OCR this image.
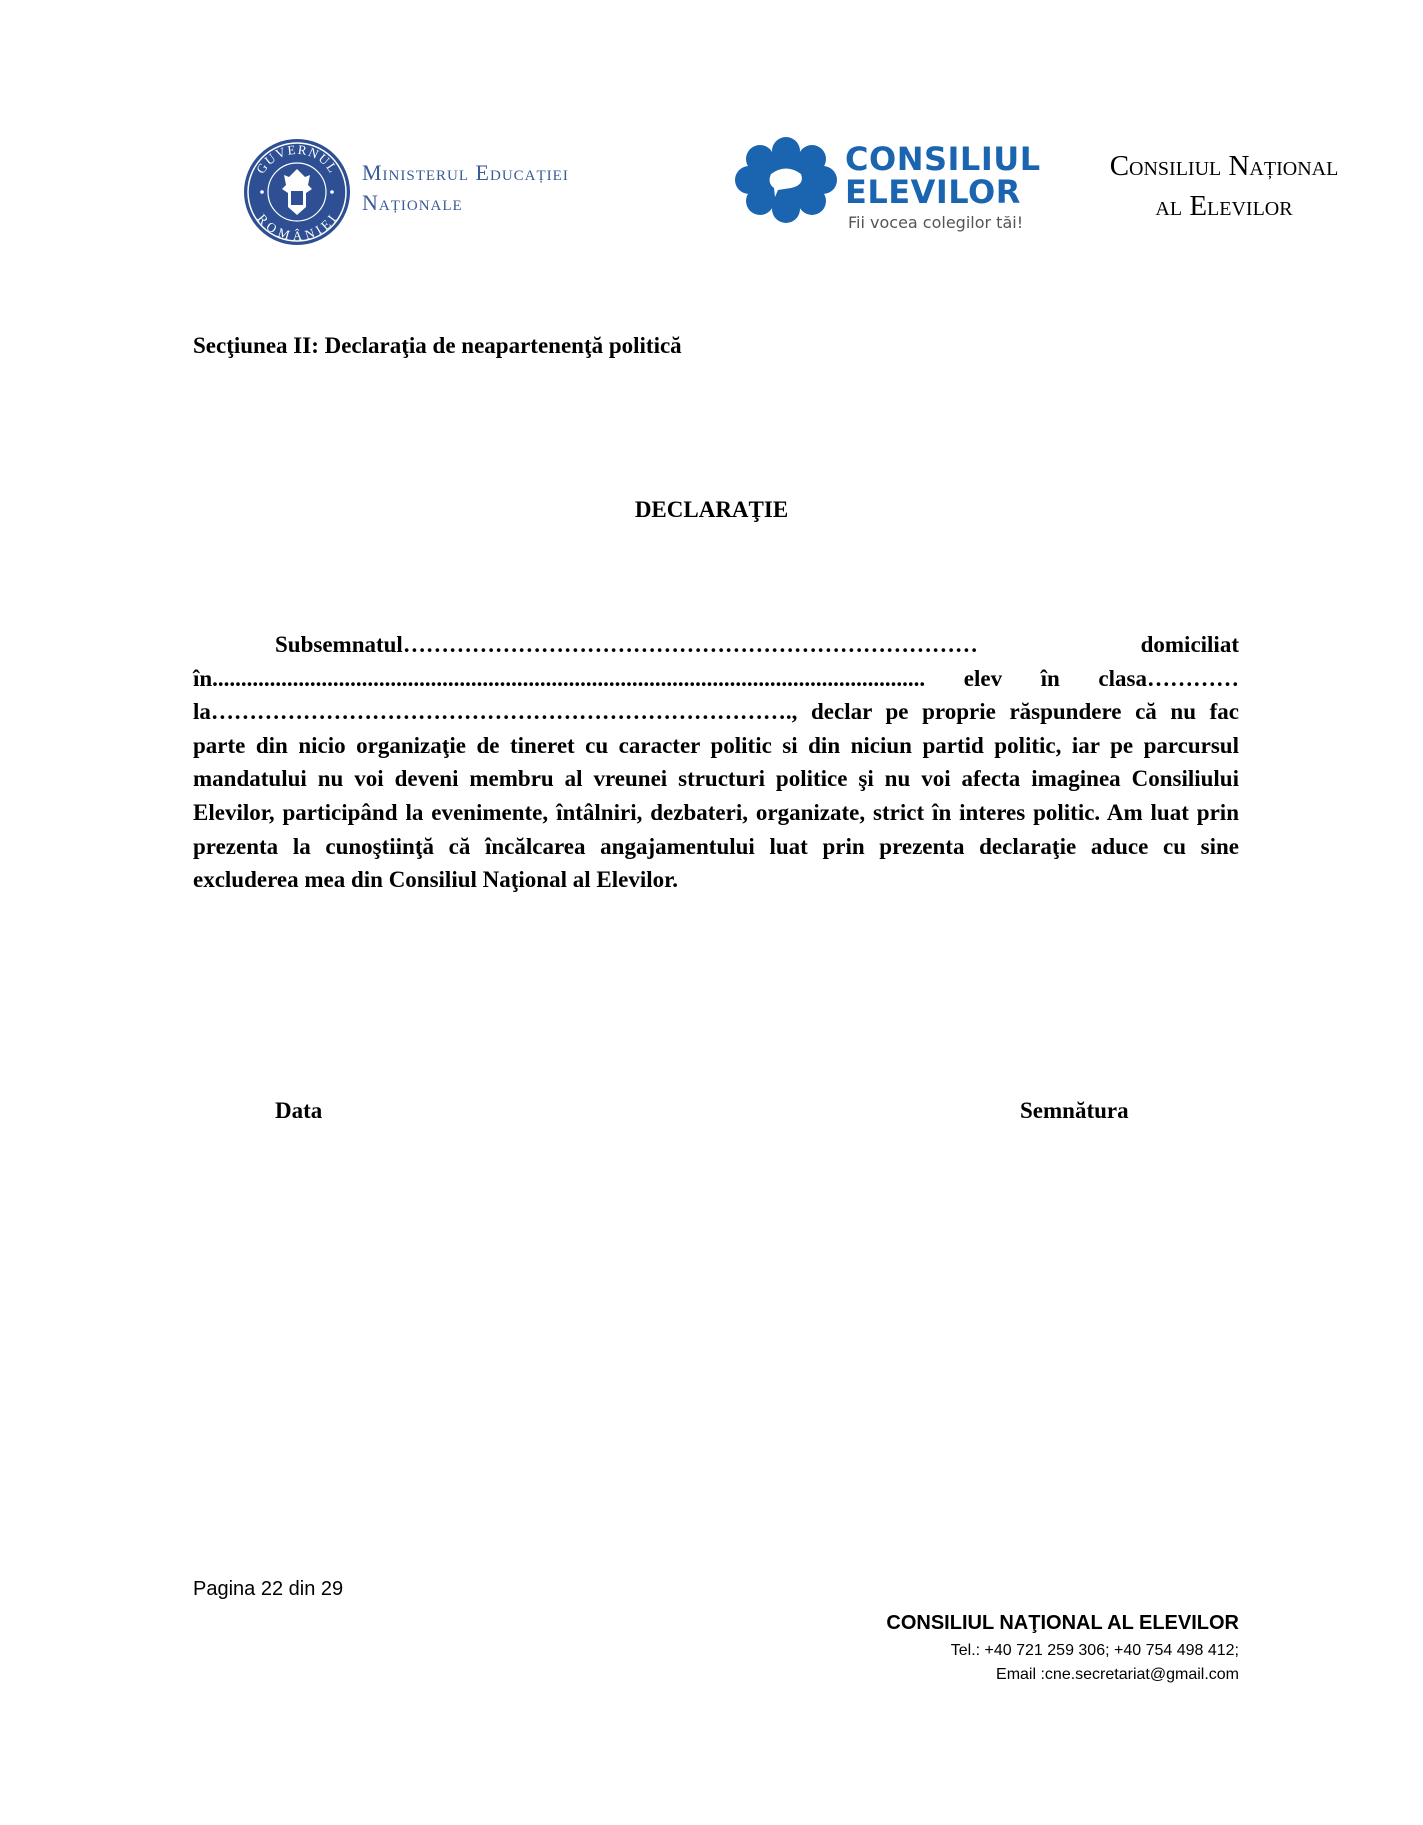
GUVERNUL
ROMÂNIEI
Ministerul Educației
Naționale
CONSILIUL
ELEVILOR
Fii vocea colegilor tăi!
Consiliul Național
al Elevilor
Secţiunea II: Declaraţia de neapartenenţă politică
DECLARAŢIE

Subsemnatul………………………………………………………………… domiciliat în............................................................................................................................ elev în clasa…………la…………………………………………………………………., declar pe proprie răspundere că nu fac parte din nicio organizaţie de tineret cu caracter politic si din niciun partid politic, iar pe parcursul mandatului nu voi deveni membru al vreunei structuri politice şi nu voi afecta imaginea Consiliului Elevilor, participând la evenimente, întâlniri, dezbateri, organizate, strict în interes politic. Am luat prin prezenta la cunoştiinţă că încălcarea angajamentului luat prin prezenta declaraţie aduce cu sine excluderea mea din Consiliul Naţional al Elevilor.

Data	Semnătura
Pagina 22 din 29
CONSILIUL NAŢIONAL AL ELEVILOR
Tel.: +40 721 259 306; +40 754 498 412;
Email :cne.secretariat@gmail.com
